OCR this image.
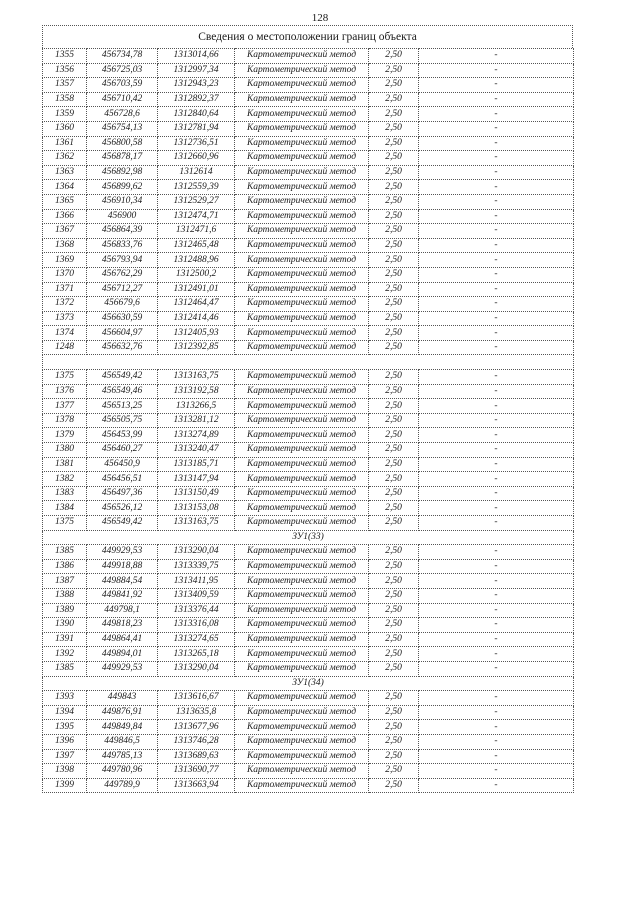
128
Сведения о местоположении границ объекта
1355	456734,78	1313014,66	Картометрический метод	2,50	-
1356	456725,03	1312997,34	Картометрический метод	2,50	-
1357	456703,59	1312943,23	Картометрический метод	2,50	-
1358	456710,42	1312892,37	Картометрический метод	2,50	-
1359	456728,6	1312840,64	Картометрический метод	2,50	-
1360	456754,13	1312781,94	Картометрический метод	2,50	-
1361	456800,58	1312736,51	Картометрический метод	2,50	-
1362	456878,17	1312660,96	Картометрический метод	2,50	-
1363	456892,98	1312614	Картометрический метод	2,50	-
1364	456899,62	1312559,39	Картометрический метод	2,50	-
1365	456910,34	1312529,27	Картометрический метод	2,50	-
1366	456900	1312474,71	Картометрический метод	2,50	-
1367	456864,39	1312471,6	Картометрический метод	2,50	-
1368	456833,76	1312465,48	Картометрический метод	2,50	-
1369	456793,94	1312488,96	Картометрический метод	2,50	-
1370	456762,29	1312500,2	Картометрический метод	2,50	-
1371	456712,27	1312491,01	Картометрический метод	2,50	-
1372	456679,6	1312464,47	Картометрический метод	2,50	-
1373	456630,59	1312414,46	Картометрический метод	2,50	-
1374	456604,97	1312405,93	Картометрический метод	2,50	-
1248	456632,76	1312392,85	Картометрический метод	2,50	-

1375	456549,42	1313163,75	Картометрический метод	2,50	-
1376	456549,46	1313192,58	Картометрический метод	2,50	-
1377	456513,25	1313266,5	Картометрический метод	2,50	-
1378	456505,75	1313281,12	Картометрический метод	2,50	-
1379	456453,99	1313274,89	Картометрический метод	2,50	-
1380	456460,27	1313240,47	Картометрический метод	2,50	-
1381	456450,9	1313185,71	Картометрический метод	2,50	-
1382	456456,51	1313147,94	Картометрический метод	2,50	-
1383	456497,36	1313150,49	Картометрический метод	2,50	-
1384	456526,12	1313153,08	Картометрический метод	2,50	-
1375	456549,42	1313163,75	Картометрический метод	2,50	-
ЗУ1(33)					
1385	449929,53	1313290,04	Картометрический метод	2,50	-
1386	449918,88	1313339,75	Картометрический метод	2,50	-
1387	449884,54	1313411,95	Картометрический метод	2,50	-
1388	449841,92	1313409,59	Картометрический метод	2,50	-
1389	449798,1	1313376,44	Картометрический метод	2,50	-
1390	449818,23	1313316,08	Картометрический метод	2,50	-
1391	449864,41	1313274,65	Картометрический метод	2,50	-
1392	449894,01	1313265,18	Картометрический метод	2,50	-
1385	449929,53	1313290,04	Картометрический метод	2,50	-
ЗУ1(34)					
1393	449843	1313616,67	Картометрический метод	2,50	-
1394	449876,91	1313635,8	Картометрический метод	2,50	-
1395	449849,84	1313677,96	Картометрический метод	2,50	-
1396	449846,5	1313746,28	Картометрический метод	2,50	-
1397	449785,13	1313689,63	Картометрический метод	2,50	-
1398	449780,96	1313690,77	Картометрический метод	2,50	-
1399	449789,9	1313663,94	Картометрический метод	2,50	-
